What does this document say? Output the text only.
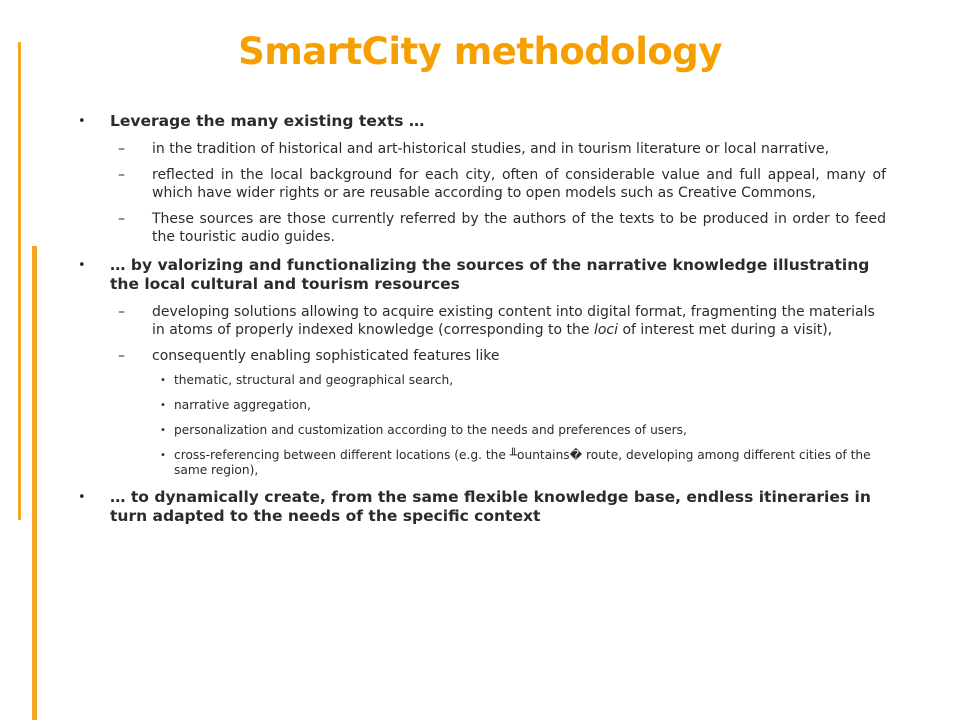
SmartCity methodology
• Leverage the many existing texts …
– in the tradition of historical and art-historical studies, and in tourism literature or local narrative,
– reflected in the local background for each city, often of considerable value and full appeal, many of which have wider rights or are reusable according to open models such as Creative Commons,
– These sources are those currently referred by the authors of the texts to be produced in order to feed the touristic audio guides.
• … by valorizing and functionalizing the sources of the narrative knowledge illustrating the local cultural and tourism resources
– developing solutions allowing to acquire existing content into digital format, fragmenting the materials in atoms of properly indexed knowledge (corresponding to the loci of interest met during a visit),
– consequently enabling sophisticated features like
• thematic, structural and geographical search,
• narrative aggregation,
• personalization and customization according to the needs and preferences of users,
• cross-referencing between different locations (e.g. the ╨ountains� route, developing among different cities of the same region),
• … to dynamically create, from the same flexible knowledge base, endless itineraries in turn adapted to the needs of the specific context
